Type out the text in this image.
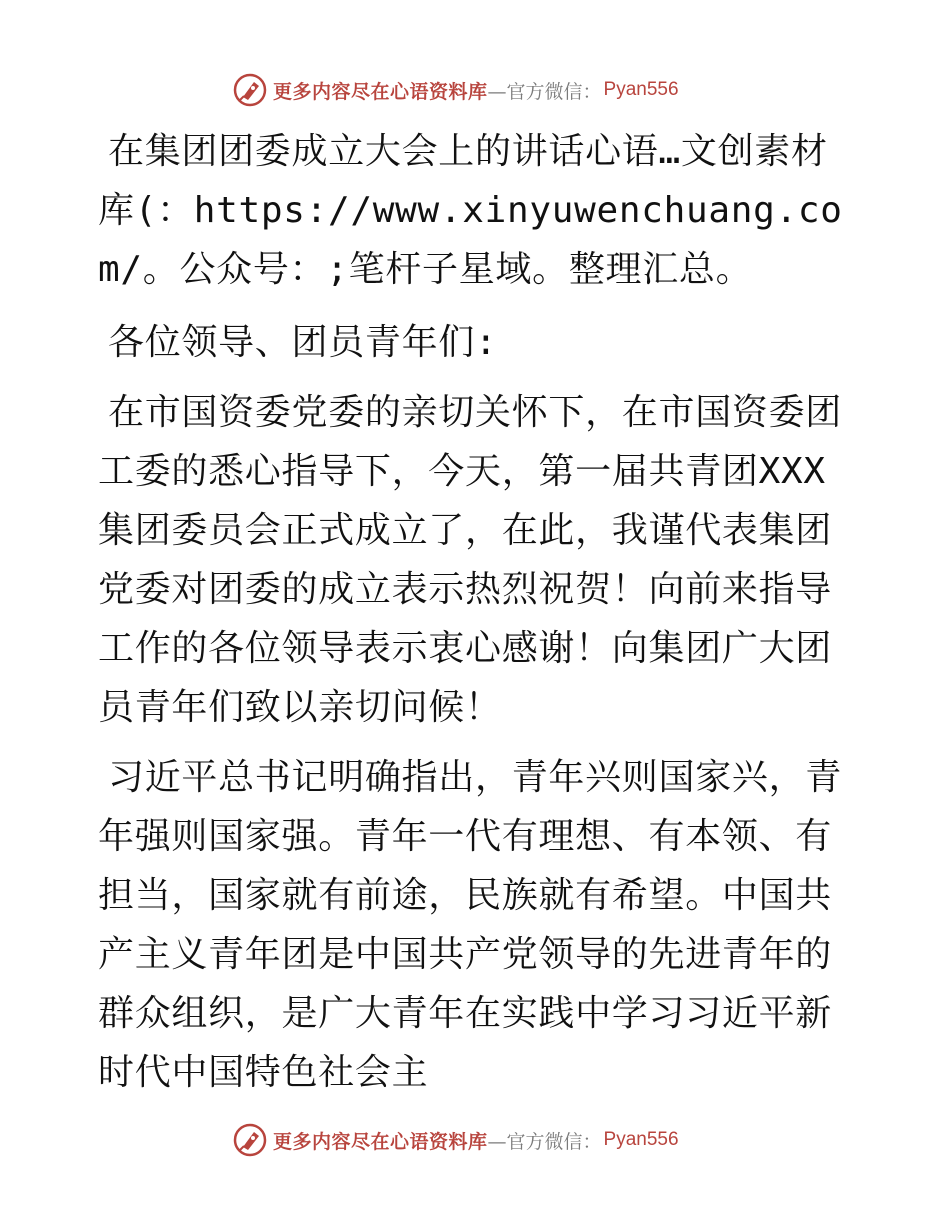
更多内容尽在心语资料库 —官方微信： Pyan556

在集团团委成立大会上的讲话心语…文创素材库(：https://www.xinyuwenchuang.com/。公众号：;笔杆子星域。整理汇总。

各位领导、团员青年们:

在市国资委党委的亲切关怀下，在市国资委团工委的悉心指导下，今天，第一届共青团XXX集团委员会正式成立了，在此，我谨代表集团党委对团委的成立表示热烈祝贺！向前来指导工作的各位领导表示衷心感谢！向集团广大团员青年们致以亲切问候！

习近平总书记明确指出，青年兴则国家兴，青年强则国家强。青年一代有理想、有本领、有担当，国家就有前途，民族就有希望。中国共产主义青年团是中国共产党领导的先进青年的群众组织，是广大青年在实践中学习习近平新时代中国特色社会主

更多内容尽在心语资料库 —官方微信： Pyan556
